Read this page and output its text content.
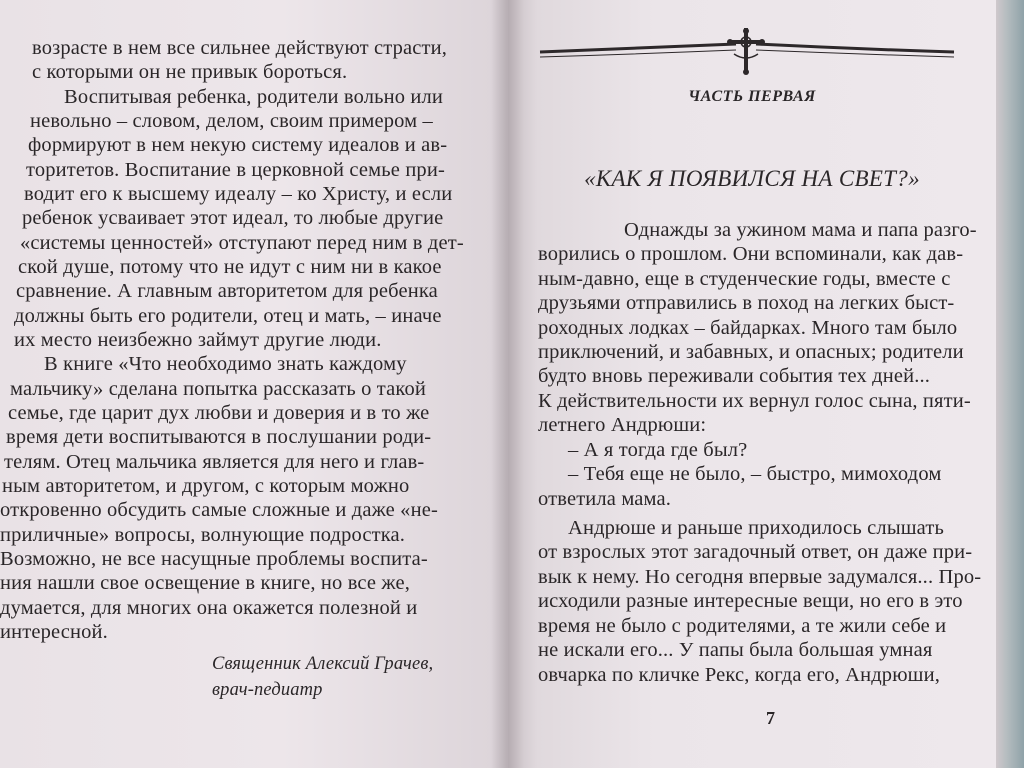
возрасте в нем все сильнее действуют страсти,
с которыми он не привык бороться.
Воспитывая ребенка, родители вольно или
невольно – словом, делом, своим примером –
формируют в нем некую систему идеалов и ав-
торитетов. Воспитание в церковной семье при-
водит его к высшему идеалу – ко Христу, и если
ребенок усваивает этот идеал, то любые другие
«системы ценностей» отступают перед ним в дет-
ской душе, потому что не идут с ним ни в какое
сравнение. А главным авторитетом для ребенка
должны быть его родители, отец и мать, – иначе
их место неизбежно займут другие люди.
В книге «Что необходимо знать каждому
мальчику» сделана попытка рассказать о такой
семье, где царит дух любви и доверия и в то же
время дети воспитываются в послушании роди-
телям. Отец мальчика является для него и глав-
ным авторитетом, и другом, с которым можно
откровенно обсудить самые сложные и даже «не-
приличные» вопросы, волнующие подростка.
Возможно, не все насущные проблемы воспита-
ния нашли свое освещение в книге, но все же,
думается, для многих она окажется полезной и
интересной.
Священник Алексий Грачев,
врач-педиатр
ЧАСТЬ ПЕРВАЯ
«КАК Я ПОЯВИЛСЯ НА СВЕТ?»
Однажды за ужином мама и папа разго-
ворились о прошлом. Они вспоминали, как дав-
ным-давно, еще в студенческие годы, вместе с
друзьями отправились в поход на легких быст-
роходных лодках – байдарках. Много там было
приключений, и забавных, и опасных; родители
будто вновь переживали события тех дней...
К действительности их вернул голос сына, пяти-
летнего Андрюши:
– А я тогда где был?
– Тебя еще не было, – быстро, мимоходом
ответила мама.
Андрюше и раньше приходилось слышать
от взрослых этот загадочный ответ, он даже при-
вык к нему. Но сегодня впервые задумался... Про-
исходили разные интересные вещи, но его в это
время не было с родителями, а те жили себе и
не искали его... У папы была большая умная
овчарка по кличке Рекс, когда его, Андрюши,
7
